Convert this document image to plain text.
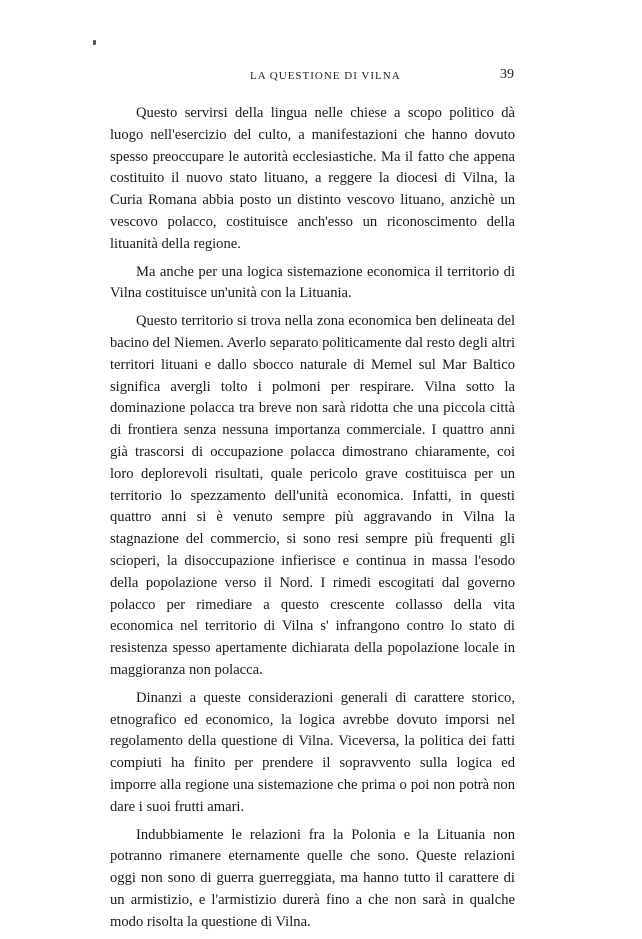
LA QUESTIONE DI VILNA	39

Questo servirsi della lingua nelle chiese a scopo politico dà luogo nell'esercizio del culto, a manifestazioni che hanno dovuto spesso preoccupare le autorità ecclesiastiche. Ma il fatto che appena costituito il nuovo stato lituano, a reggere la diocesi di Vilna, la Curia Romana abbia posto un distinto vescovo lituano, anzichè un vescovo polacco, costituisce anch'esso un riconoscimento della lituanità della regione.

Ma anche per una logica sistemazione economica il territorio di Vilna costituisce un'unità con la Lituania.

Questo territorio si trova nella zona economica ben delineata del bacino del Niemen. Averlo separato politicamente dal resto degli altri territori lituani e dallo sbocco naturale di Memel sul Mar Baltico significa avergli tolto i polmoni per respirare. Vilna sotto la dominazione polacca tra breve non sarà ridotta che una piccola città di frontiera senza nessuna importanza commerciale. I quattro anni già trascorsi di occupazione polacca dimostrano chiaramente, coi loro deplorevoli risultati, quale pericolo grave costituisca per un territorio lo spezzamento dell'unità economica. Infatti, in questi quattro anni si è venuto sempre più aggravando in Vilna la stagnazione del commercio, si sono resi sempre più frequenti gli scioperi, la disoccupazione infierisce e continua in massa l'esodo della popolazione verso il Nord. I rimedi escogitati dal governo polacco per rimediare a questo crescente collasso della vita economica nel territorio di Vilna s' infrangono contro lo stato di resistenza spesso apertamente dichiarata della popolazione locale in maggioranza non polacca.

Dinanzi a queste considerazioni generali di carattere storico, etnografico ed economico, la logica avrebbe dovuto imporsi nel regolamento della questione di Vilna. Viceversa, la politica dei fatti compiuti ha finito per prendere il sopravvento sulla logica ed imporre alla regione una sistemazione che prima o poi non potrà non dare i suoi frutti amari.

Indubbiamente le relazioni fra la Polonia e la Lituania non potranno rimanere eternamente quelle che sono. Queste relazioni oggi non sono di guerra guerreggiata, ma hanno tutto il carattere di un armistizio, e l'armistizio durerà fino a che non sarà in qualche modo risolta la questione di Vilna.
